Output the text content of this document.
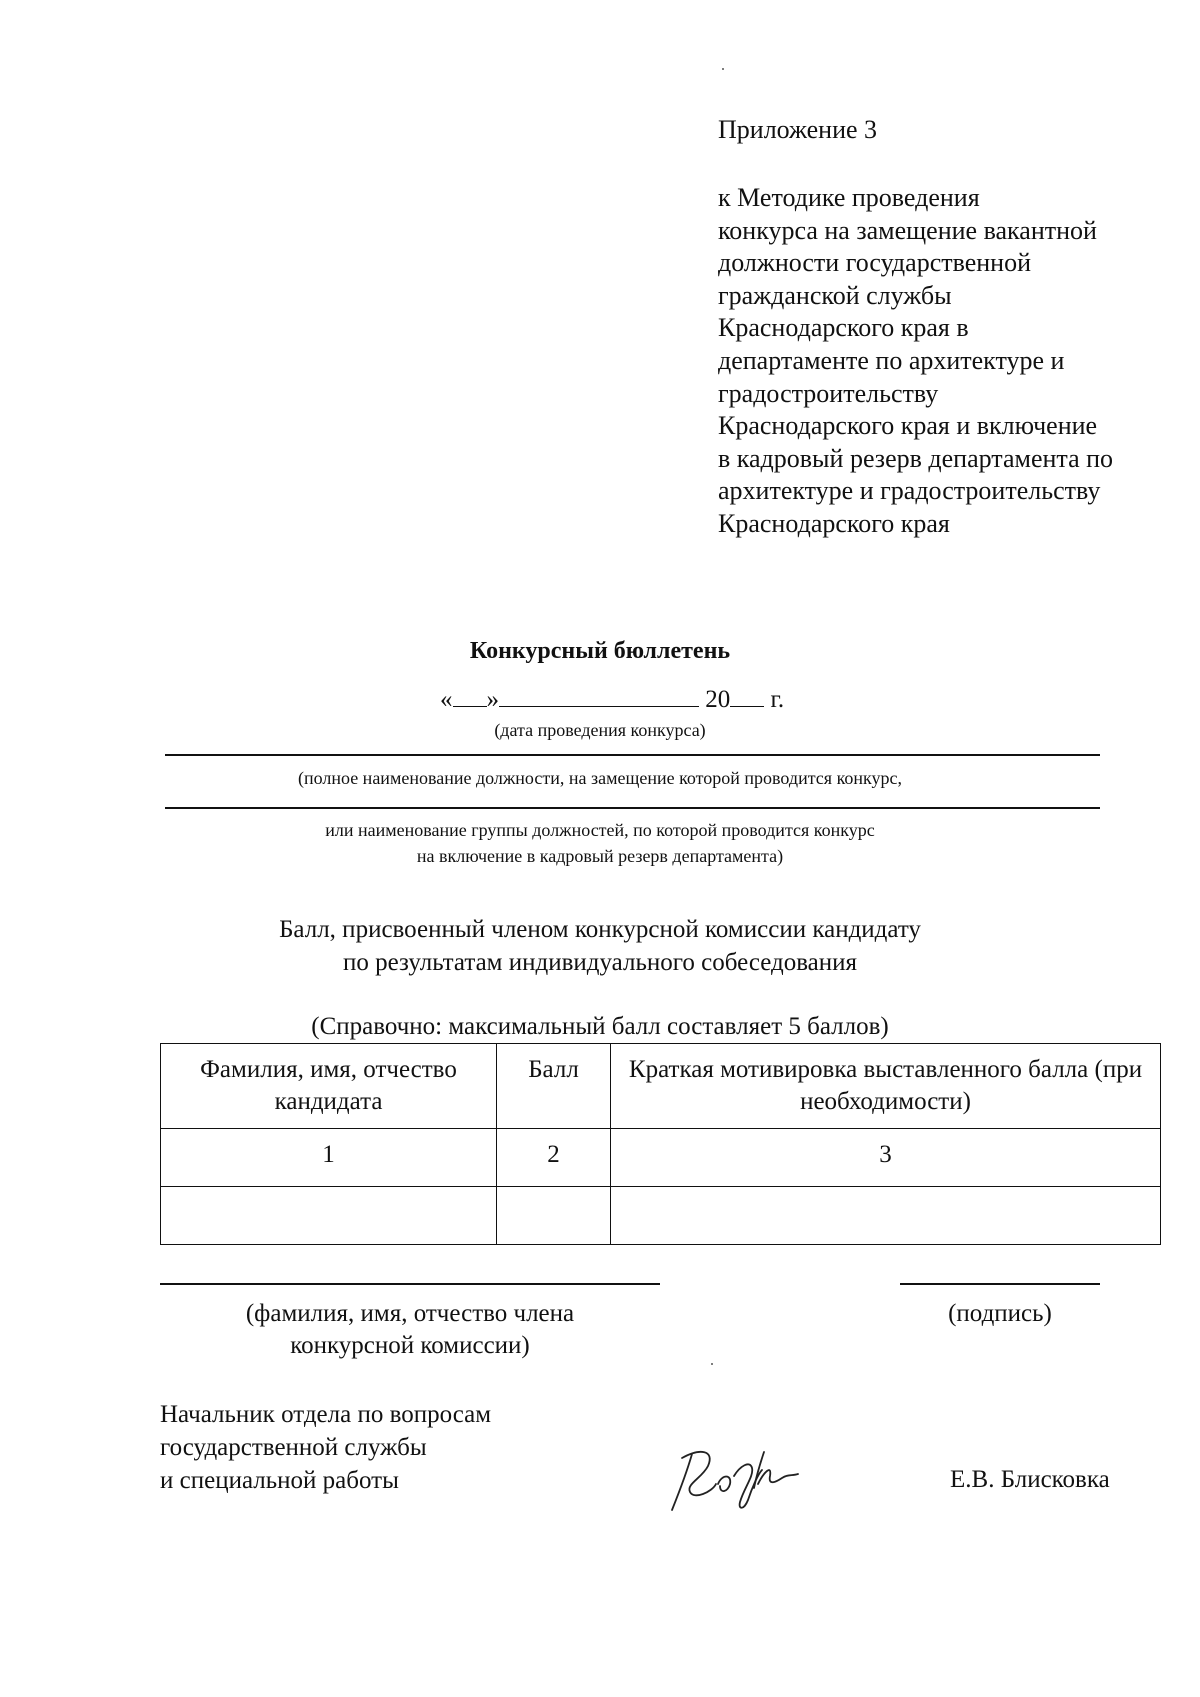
Приложение 3
к Методике проведения
конкурса на замещение вакантной
должности государственной
гражданской службы
Краснодарского края в
департаменте по архитектуре и
градостроительству
Краснодарского края и включение
в кадровый резерв департамента по
архитектуре и градостроительству
Краснодарского края
Конкурсный бюллетень
« »	20 г.
(дата проведения конкурса)
(полное наименование должности, на замещение которой проводится конкурс,
или наименование группы должностей, по которой проводится конкурс
на включение в кадровый резерв департамента)
Балл, присвоенный членом конкурсной комиссии кандидату
по результатам индивидуального собеседования
(Справочно: максимальный балл составляет 5 баллов)
Фамилия, имя, отчество кандидата	Балл	Краткая мотивировка выставленного балла (при необходимости)
1	2	3

(фамилия, имя, отчество члена
конкурсной комиссии)
(подпись)
Начальник отдела по вопросам
государственной службы
и специальной работы	Е.В. Блисковка
